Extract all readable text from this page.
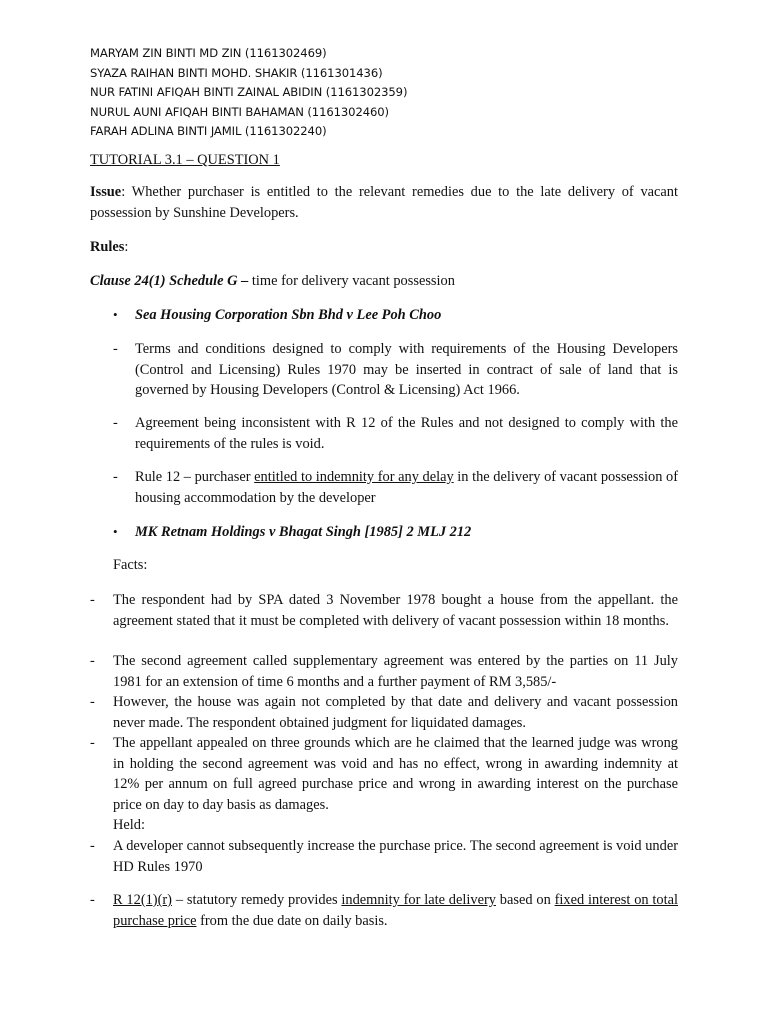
MARYAM ZIN BINTI MD ZIN (1161302469)
SYAZA RAIHAN BINTI MOHD. SHAKIR (1161301436)
NUR FATINI AFIQAH BINTI ZAINAL ABIDIN (1161302359)
NURUL AUNI AFIQAH BINTI BAHAMAN (1161302460)
FARAH ADLINA BINTI JAMIL (1161302240)
TUTORIAL 3.1 – QUESTION 1
Issue: Whether purchaser is entitled to the relevant remedies due to the late delivery of vacant possession by Sunshine Developers.
Rules:
Clause 24(1) Schedule G – time for delivery vacant possession
• Sea Housing Corporation Sbn Bhd v Lee Poh Choo
- Terms and conditions designed to comply with requirements of the Housing Developers (Control and Licensing) Rules 1970 may be inserted in contract of sale of land that is governed by Housing Developers (Control & Licensing) Act 1966.
- Agreement being inconsistent with R 12 of the Rules and not designed to comply with the requirements of the rules is void.
- Rule 12 – purchaser entitled to indemnity for any delay in the delivery of vacant possession of housing accommodation by the developer
• MK Retnam Holdings v Bhagat Singh [1985] 2 MLJ 212
Facts:
- The respondent had by SPA dated 3 November 1978 bought a house from the appellant. the agreement stated that it must be completed with delivery of vacant possession within 18 months.
- The second agreement called supplementary agreement was entered by the parties on 11 July 1981 for an extension of time 6 months and a further payment of RM 3,585/-
- However, the house was again not completed by that date and delivery and vacant possession never made. The respondent obtained judgment for liquidated damages.
- The appellant appealed on three grounds which are he claimed that the learned judge was wrong in holding the second agreement was void and has no effect, wrong in awarding indemnity at 12% per annum on full agreed purchase price and wrong in awarding interest on the purchase price on day to day basis as damages.
Held:
- A developer cannot subsequently increase the purchase price. The second agreement is void under HD Rules 1970
- R 12(1)(r) – statutory remedy provides indemnity for late delivery based on fixed interest on total purchase price from the due date on daily basis.
